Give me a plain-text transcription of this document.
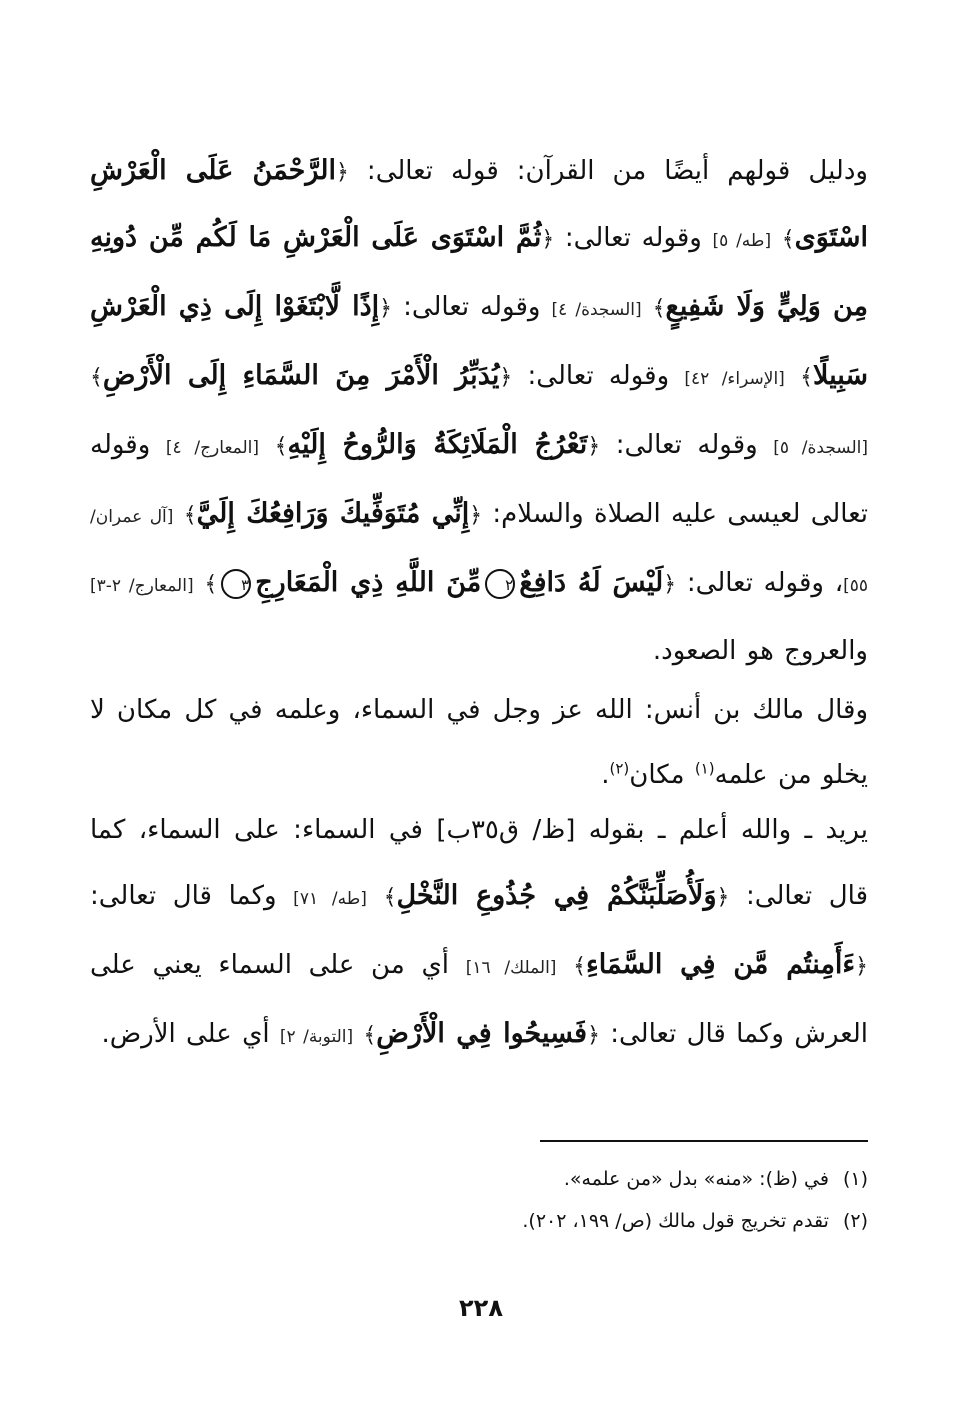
ودليل قولهم أيضًا من القرآن: قوله تعالى: ﴿الرَّحْمَنُ عَلَى الْعَرْشِ اسْتَوَى﴾ [طه/ ٥] وقوله تعالى: ﴿ثُمَّ اسْتَوَى عَلَى الْعَرْشِ مَا لَكُم مِّن دُونِهِ مِن وَلِيٍّ وَلَا شَفِيعٍ﴾ [السجدة/ ٤] وقوله تعالى: ﴿إِذًا لَّابْتَغَوْا إِلَى ذِي الْعَرْشِ سَبِيلًا﴾ [الإسراء/ ٤٢] وقوله تعالى: ﴿يُدَبِّرُ الْأَمْرَ مِنَ السَّمَاءِ إِلَى الْأَرْضِ﴾ [السجدة/ ٥] وقوله تعالى: ﴿تَعْرُجُ الْمَلَائِكَةُ وَالرُّوحُ إِلَيْهِ﴾ [المعارج/ ٤] وقوله تعالى لعيسى عليه الصلاة والسلام: ﴿إِنِّي مُتَوَفِّيكَ وَرَافِعُكَ إِلَيَّ﴾ [آل عمران/ ٥٥]، وقوله تعالى: ﴿لَيْسَ لَهُ دَافِعٌ٢مِّنَ اللَّهِ ذِي الْمَعَارِجِ٣﴾ [المعارج/ ٢-٣] والعروج هو الصعود.
وقال مالك بن أنس: الله عز وجل في السماء، وعلمه في كل مكان لا يخلو من علمه$^{(١)}$ مكان$^{(٢)}$.
يريد ـ والله أعلم ـ بقوله [ظ/ ق٣٥ب] في السماء: على السماء، كما قال تعالى: ﴿وَلَأُصَلِّبَنَّكُمْ فِي جُذُوعِ النَّخْلِ﴾ [طه/ ٧١] وكما قال تعالى: ﴿ءَأَمِنتُم مَّن فِي السَّمَاءِ﴾ [الملك/ ١٦] أي من على السماء يعني على العرش وكما قال تعالى: ﴿فَسِيحُوا فِي الْأَرْضِ﴾ [التوبة/ ٢] أي على الأرض.
(١)في (ظ): «منه» بدل «من علمه».
(٢)تقدم تخريج قول مالك (ص/ ١٩٩، ٢٠٢).
٢٢٨
